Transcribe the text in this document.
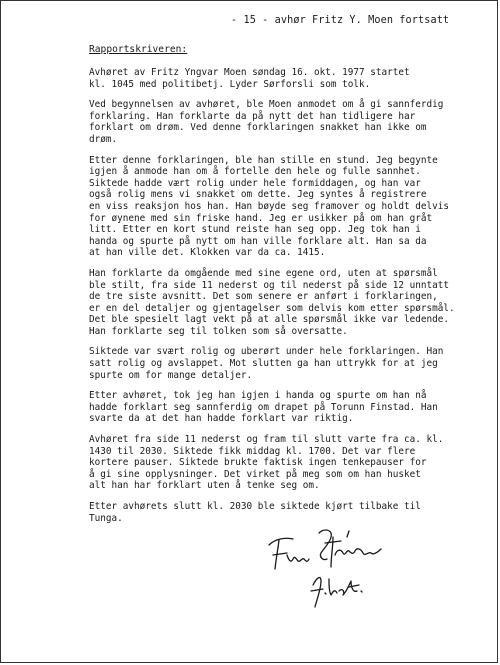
- 15 - avhør Fritz Y. Moen fortsatt
Rapportskriveren:
Avhøret av Fritz Yngvar Moen søndag 16. okt. 1977 startet
kl. 1045 med politibetj. Lyder Sørforsli som tolk.
Ved begynnelsen av avhøret, ble Moen anmodet om å gi sannferdig
forklaring. Han forklarte da på nytt det han tidligere har
forklart om drøm. Ved denne forklaringen snakket han ikke om
drøm.
Etter denne forklaringen, ble han stille en stund. Jeg begynte
igjen å anmode han om å fortelle den hele og fulle sannhet.
Siktede hadde vært rolig under hele formiddagen, og han var
også rolig mens vi snakket om dette. Jeg syntes å registrere
en viss reaksjon hos han. Han bøyde seg framover og holdt delvis
for øynene med sin friske hand. Jeg er usikker på om han gråt
litt. Etter en kort stund reiste han seg opp. Jeg tok han i
handa og spurte på nytt om han ville forklare alt. Han sa da
at han ville det. Klokken var da ca. 1415.
Han forklarte da omgående med sine egene ord, uten at spørsmål
ble stilt, fra side 11 nederst og til nederst på side 12 unntatt
de tre siste avsnitt. Det som senere er anført i forklaringen,
er en del detaljer og gjentagelser som delvis kom etter spørsmål.
Det ble spesielt lagt vekt på at alle spørsmål ikke var ledende.
Han forklarte seg til tolken som så oversatte.
Siktede var svært rolig og uberørt under hele forklaringen. Han
satt rolig og avslappet. Mot slutten ga han uttrykk for at jeg
spurte om for mange detaljer.
Etter avhøret, tok jeg han igjen i handa og spurte om han nå
hadde forklart seg sannferdig om drapet på Torunn Finstad. Han
svarte da at det han hadde forklart var riktig.
Avhøret fra side 11 nederst og fram til slutt varte fra ca. kl.
1430 til 2030. Siktede fikk middag kl. 1700. Det var flere
kortere pauser. Siktede brukte faktisk ingen tenkepauser for
å gi sine opplysninger. Det virket på meg som om han husket
alt han har forklart uten å tenke seg om.
Etter avhørets slutt kl. 2030 ble siktede kjørt tilbake til
Tunga.
